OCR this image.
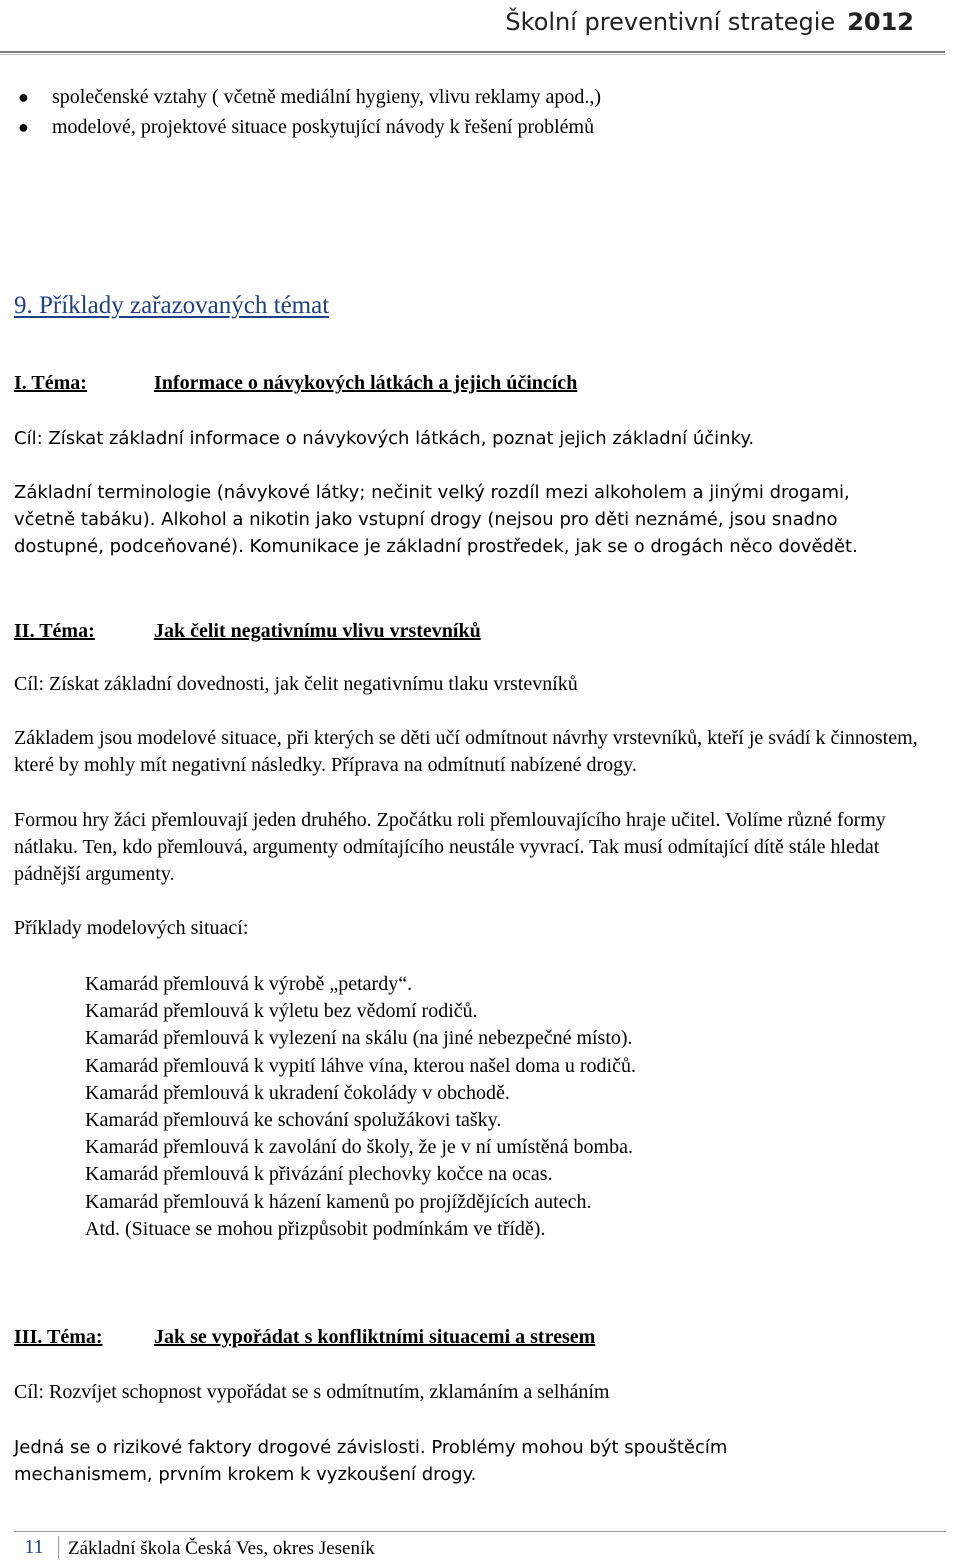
Školní preventivní strategie 2012
●	společenské vztahy ( včetně mediální hygieny, vlivu reklamy apod.,)
●	modelové, projektové situace poskytující návody k řešení problémů
9. Příklady zařazovaných témat
I. Téma:	Informace o návykových látkách a jejich účincích
Cíl: Získat základní informace o návykových látkách, poznat jejich základní účinky.
Základní terminologie (návykové látky; nečinit velký rozdíl mezi alkoholem a jinými drogami, včetně tabáku). Alkohol a nikotin jako vstupní drogy (nejsou pro děti neznámé, jsou snadno dostupné, podceňované). Komunikace je základní prostředek, jak se o drogách něco dovědět.
II. Téma:	Jak čelit negativnímu vlivu vrstevníků
Cíl: Získat základní dovednosti, jak čelit negativnímu tlaku vrstevníků
Základem jsou modelové situace, při kterých se děti učí odmítnout návrhy vrstevníků, kteří je svádí k činnostem, které by mohly mít negativní následky. Příprava na odmítnutí nabízené drogy.
Formou hry žáci přemlouvají jeden druhého. Zpočátku roli přemlouvajícího hraje učitel. Volíme různé formy nátlaku. Ten, kdo přemlouvá, argumenty odmítajícího neustále vyvrací. Tak musí odmítající dítě stále hledat pádnější argumenty.
Příklady modelových situací:
Kamarád přemlouvá k výrobě „petardy“.
Kamarád přemlouvá k výletu bez vědomí rodičů.
Kamarád přemlouvá k vylezení na skálu (na jiné nebezpečné místo).
Kamarád přemlouvá k vypití láhve vína, kterou našel doma u rodičů.
Kamarád přemlouvá k ukradení čokolády v obchodě.
Kamarád přemlouvá ke schování spolužákovi tašky.
Kamarád přemlouvá k zavolání do školy, že je v ní umístěná bomba.
Kamarád přemlouvá k přivázání plechovky kočce na ocas.
Kamarád přemlouvá k házení kamenů po projíždějících autech.
Atd. (Situace se mohou přizpůsobit podmínkám ve třídě).
III. Téma:	Jak se vypořádat s konfliktními situacemi a stresem
Cíl: Rozvíjet schopnost vypořádat se s odmítnutím, zklamáním a selháním
Jedná se o rizikové faktory drogové závislosti. Problémy mohou být spouštěcím mechanismem, prvním krokem k vyzkoušení drogy.
11	Základní škola Česká Ves, okres Jeseník
